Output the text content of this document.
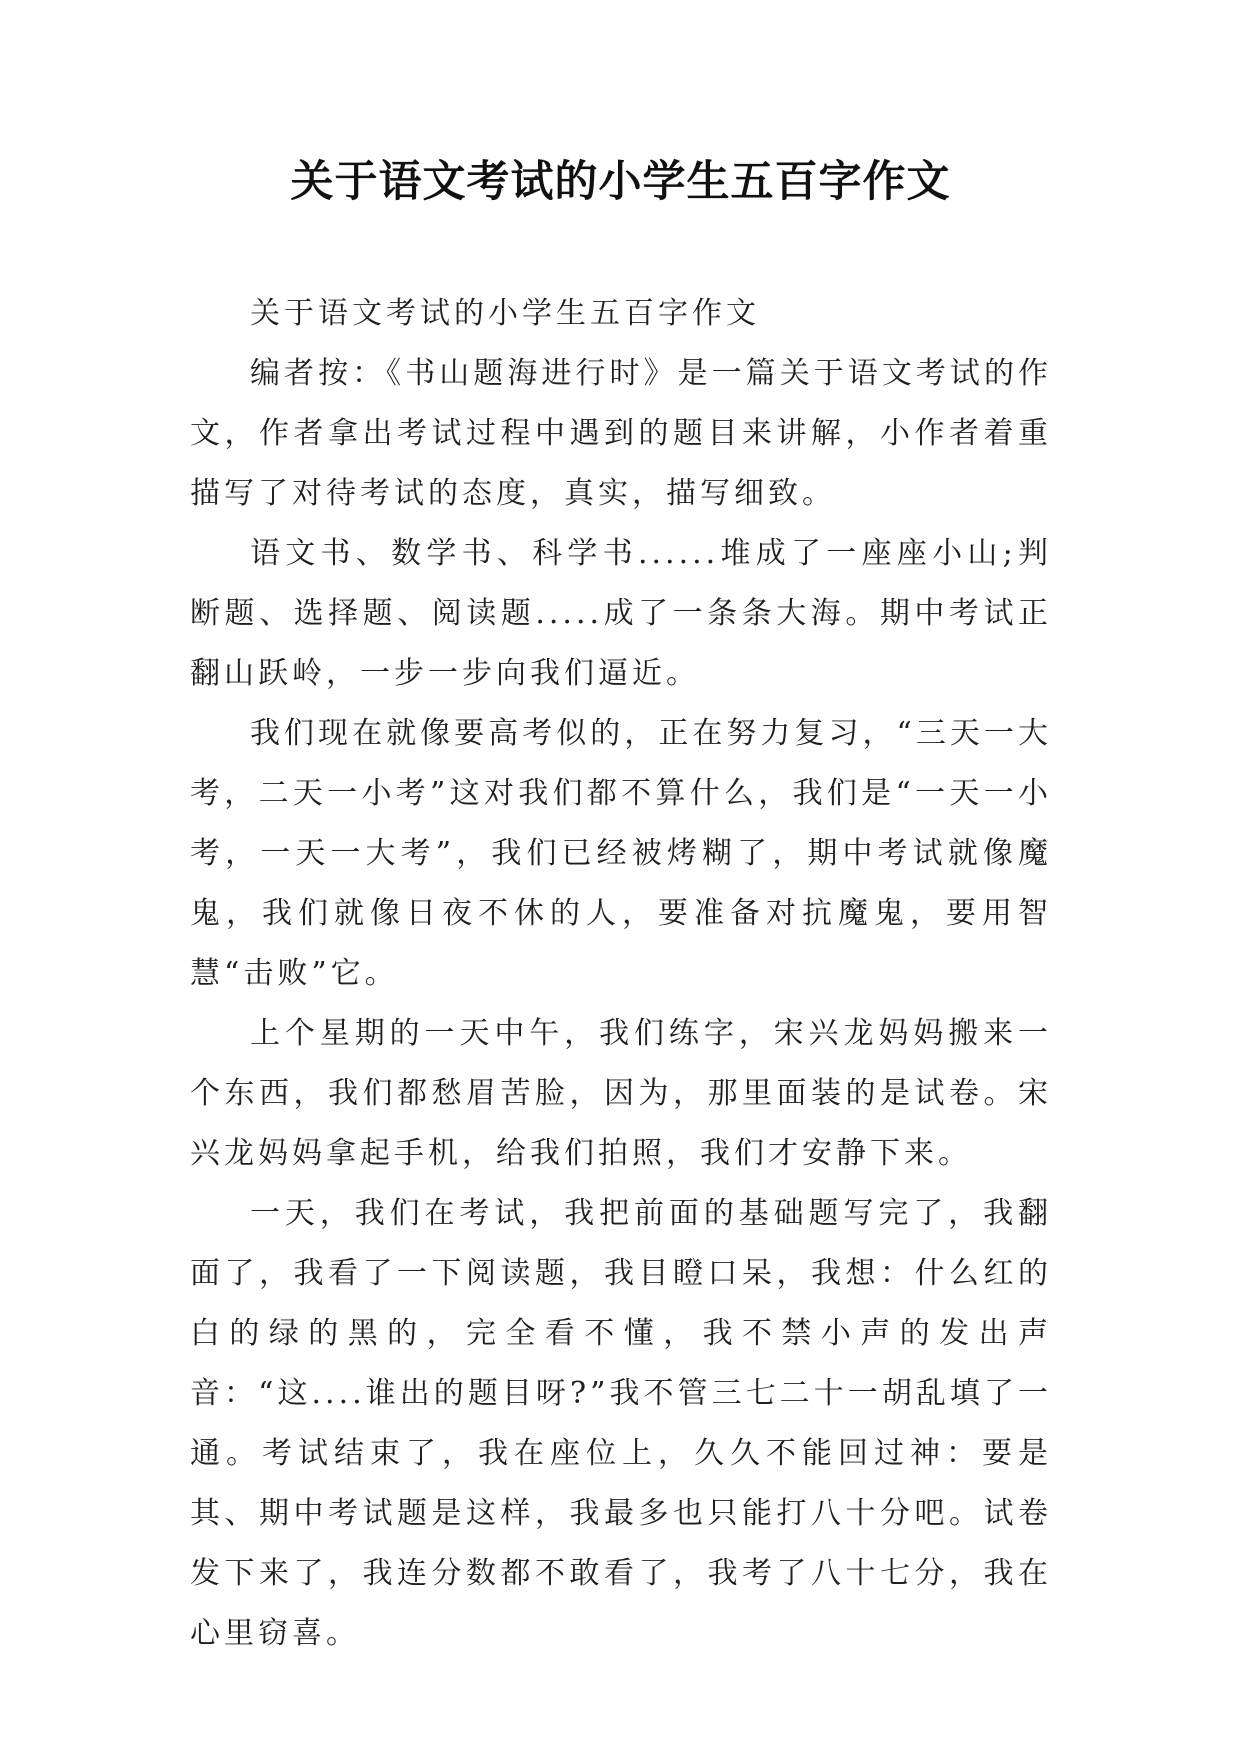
关于语文考试的小学生五百字作文

关于语文考试的小学生五百字作文

编者按：《书山题海进行时》是一篇关于语文考试的作文，作者拿出考试过程中遇到的题目来讲解，小作者着重描写了对待考试的态度，真实，描写细致。

语文书、数学书、科学书......堆成了一座座小山;判断题、选择题、阅读题.....成了一条条大海。期中考试正翻山跃岭，一步一步向我们逼近。

我们现在就像要高考似的，正在努力复习，“三天一大考，二天一小考”这对我们都不算什么，我们是“一天一小考，一天一大考”，我们已经被烤糊了，期中考试就像魔鬼，我们就像日夜不休的人，要准备对抗魔鬼，要用智慧“击败”它。

上个星期的一天中午，我们练字，宋兴龙妈妈搬来一个东西，我们都愁眉苦脸，因为，那里面装的是试卷。宋兴龙妈妈拿起手机，给我们拍照，我们才安静下来。

一天，我们在考试，我把前面的基础题写完了，我翻面了，我看了一下阅读题，我目瞪口呆，我想：什么红的白的绿的黑的，完全看不懂，我不禁小声的发出声音：“这....谁出的题目呀?”我不管三七二十一胡乱填了一通。考试结束了，我在座位上，久久不能回过神：要是其、期中考试题是这样，我最多也只能打八十分吧。试卷发下来了，我连分数都不敢看了，我考了八十七分，我在心里窃喜。
